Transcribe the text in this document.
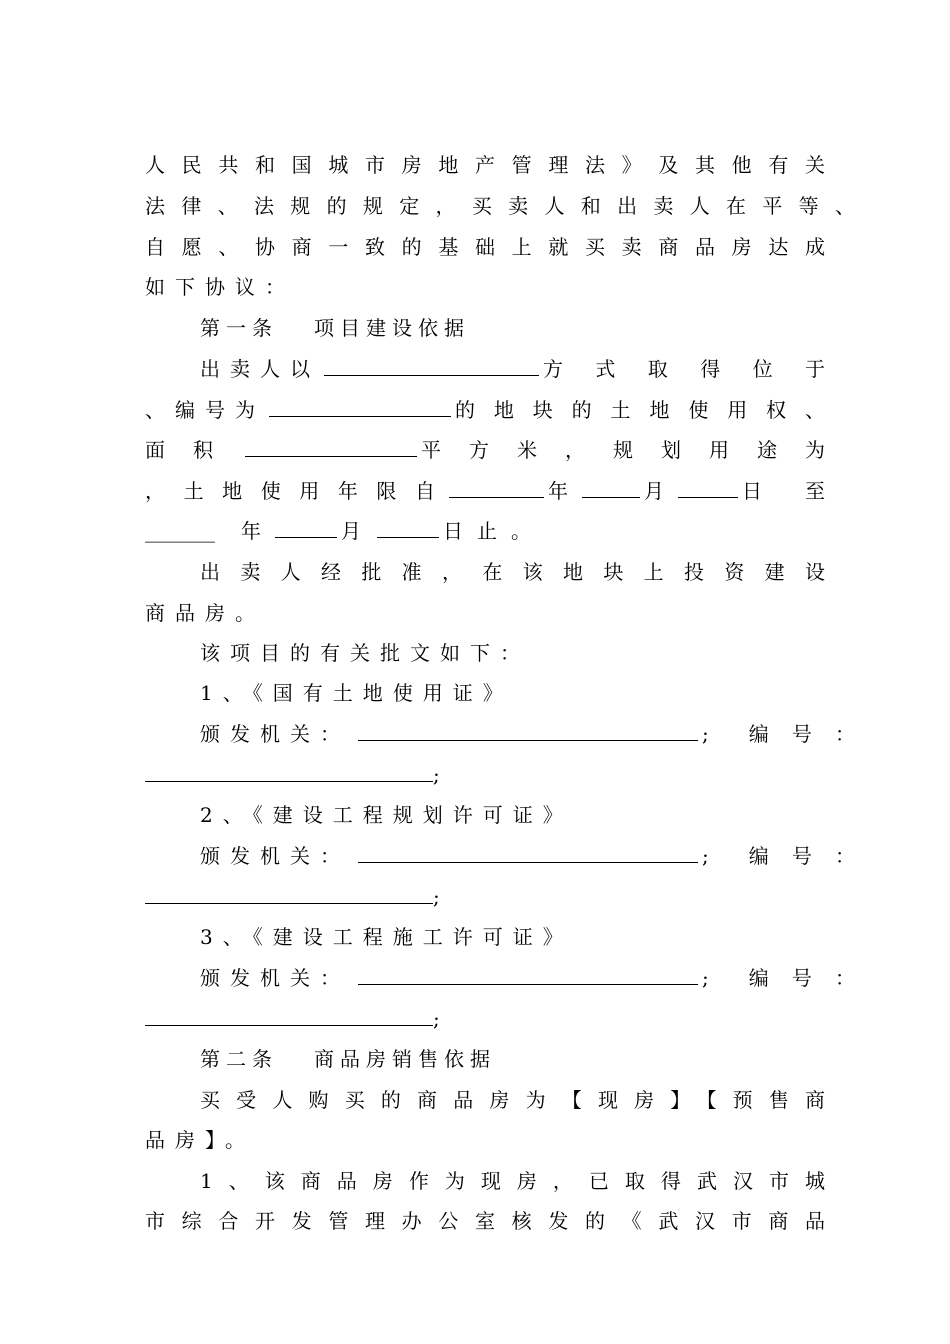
人民共和国城市房地产管理法》及其他有关
法律、法规的规定，买卖人和出卖人在平等、
自愿、协商一致的基础上就买卖商品房达成
如下协议：
第一条 项目建设依据
出卖人以	方式取得位于
、编号为	的地块的土地使用权、
面积	平方米，规划用途为
，土地使用年限自	年	月	日至
_______ 年	月	日止。
出卖人经批准，在该地块上投资建设
商品房。
该项目的有关批文如下：
1、《国有土地使用证》
颁发机关：	;	编号：
;
2、《建设工程规划许可证》
颁发机关：	;	编号：
;
3、《建设工程施工许可证》
颁发机关：	;	编号：
;
第二条 商品房销售依据
买受人购买的商品房为【现房】【预售商
品房】。
1、该商品房作为现房，已取得武汉市城
市综合开发管理办公室核发的《武汉市商品
